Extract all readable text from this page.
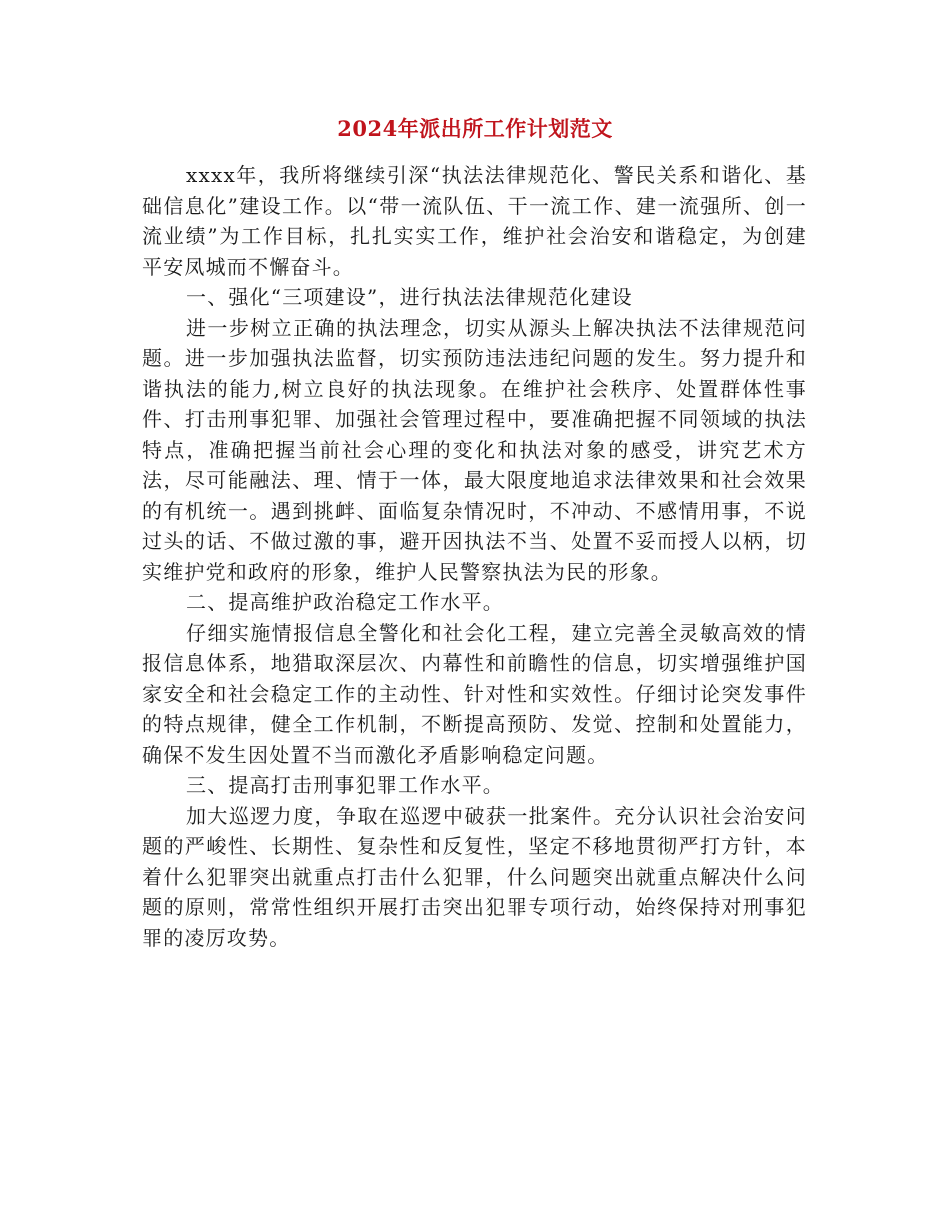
2024年派出所工作计划范文

xxxx年，我所将继续引深“执法法律规范化、警民关系和谐化、基础信息化”建设工作。以“带一流队伍、干一流工作、建一流强所、创一流业绩”为工作目标，扎扎实实工作，维护社会治安和谐稳定，为创建平安凤城而不懈奋斗。

一、强化“三项建设”，进行执法法律规范化建设

进一步树立正确的执法理念，切实从源头上解决执法不法律规范问题。进一步加强执法监督，切实预防违法违纪问题的发生。努力提升和谐执法的能力,树立良好的执法现象。在维护社会秩序、处置群体性事件、打击刑事犯罪、加强社会管理过程中，要准确把握不同领域的执法特点，准确把握当前社会心理的变化和执法对象的感受，讲究艺术方法，尽可能融法、理、情于一体，最大限度地追求法律效果和社会效果的有机统一。遇到挑衅、面临复杂情况时，不冲动、不感情用事，不说过头的话、不做过激的事，避开因执法不当、处置不妥而授人以柄，切实维护党和政府的形象，维护人民警察执法为民的形象。

二、提高维护政治稳定工作水平。

仔细实施情报信息全警化和社会化工程，建立完善全灵敏高效的情报信息体系，地猎取深层次、内幕性和前瞻性的信息，切实增强维护国家安全和社会稳定工作的主动性、针对性和实效性。仔细讨论突发事件的特点规律，健全工作机制，不断提高预防、发觉、控制和处置能力，确保不发生因处置不当而激化矛盾影响稳定问题。

三、提高打击刑事犯罪工作水平。

加大巡逻力度，争取在巡逻中破获一批案件。充分认识社会治安问题的严峻性、长期性、复杂性和反复性，坚定不移地贯彻严打方针，本着什么犯罪突出就重点打击什么犯罪，什么问题突出就重点解决什么问题的原则，常常性组织开展打击突出犯罪专项行动，始终保持对刑事犯罪的凌厉攻势。
